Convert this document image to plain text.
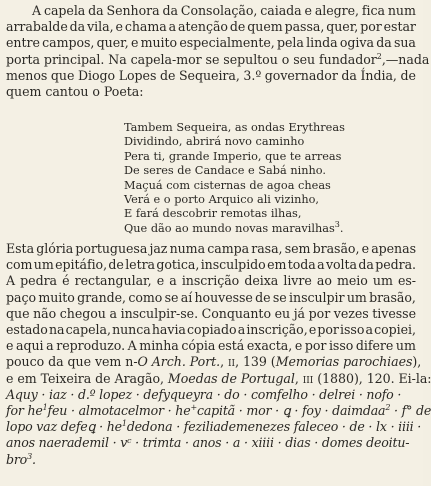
A capela da Senhora da Consolação, caiada e alegre, fica num
arrabalde da vila, e chama a atenção de quem passa, quer, por estar
entre campos, quer, e muito especialmente, pela linda ogiva da sua
porta principal. Na capela-mor se sepultou o seu fundador$^2$,—nada
menos que Diogo Lopes de Sequeira, 3.º governador da Índia, de
quem cantou o Poeta:
Tambem Sequeira, as ondas Erythreas
Dividindo, abrirá novo caminho
Pera ti, grande Imperio, que te arreas
De seres de Candace e Sabá ninho.
Maçuá com cisternas de agoa cheas
Verá e o porto Arquico ali vizinho,
E fará descobrir remotas ilhas,
Que dão ao mundo novas maravilhas$^3$.
Esta glória portuguesa jaz numa campa rasa, sem brasão, e apenas
com um epitáfio, de letra gotica, insculpido em toda a volta da pedra.
A pedra é rectangular, e a inscrição deixa livre ao meio um es-
paço muito grande, como se aí houvesse de se insculpir um brasão,
que não chegou a insculpir-se. Conquanto eu já por vezes tivesse
estado na capela, nunca havia copiado a inscrição, e por isso a copiei,
e aqui a reproduzo. A minha cópia está exacta, e por isso difere um
pouco da que vem n-O Arch. Port., ii, 139 (Memorias parochiaes),
e em Teixeira de Aragão, Moedas de Portugal, iii (1880), 120. Ei-la:
Aquy · iaz · d.º lopez · defyqueyra · do · comfelho · delrei · nofo ·
for $he^1feu$ · almotacelmor · he+capitã · mor · ꝗ · foy · daimdaa$^2$ · f° de
lopo vaz defeꝗ · $he^1dedona$ · feziliademenezes faleceo · de · lx · iiii ·
anos naerademil · vᶜ · trimta · anos · a · xiiii · dias · domes deoitu-
bro$^3$.
